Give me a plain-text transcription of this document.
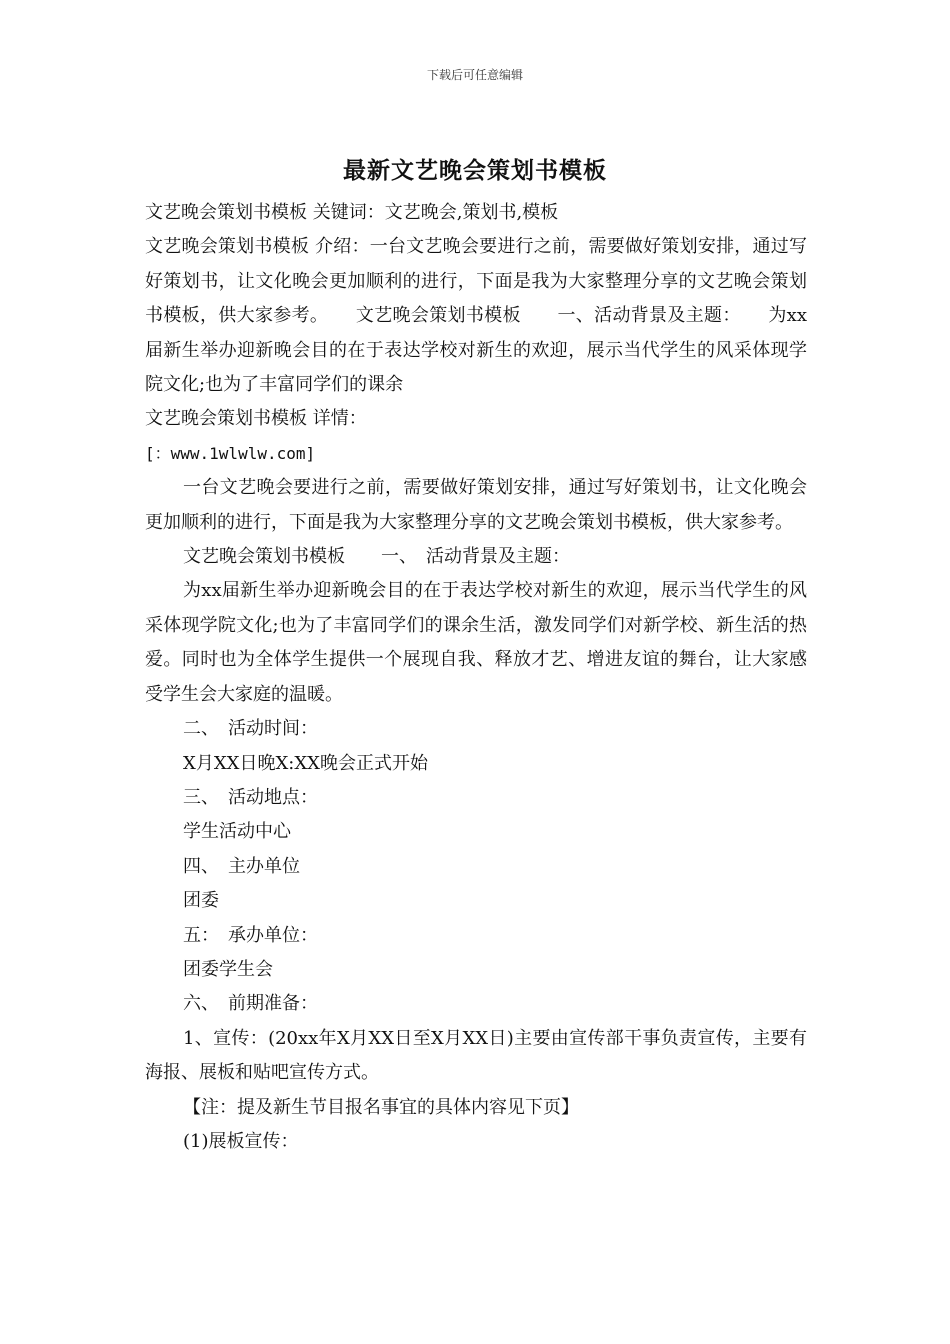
下载后可任意编辑
最新文艺晚会策划书模板

文艺晚会策划书模板 关键词：文艺晚会,策划书,模板

文艺晚会策划书模板 介绍：一台文艺晚会要进行之前，需要做好策划安排，通过写好策划书，让文化晚会更加顺利的进行，下面是我为大家整理分享的文艺晚会策划书模板，供大家参考。　　文艺晚会策划书模板　　一、活动背景及主题：　　为xx届新生举办迎新晚会目的在于表达学校对新生的欢迎，展示当代学生的风采体现学院文化;也为了丰富同学们的课余

文艺晚会策划书模板 详情：

[：www.1wlwlw.com]

一台文艺晚会要进行之前，需要做好策划安排，通过写好策划书，让文化晚会更加顺利的进行，下面是我为大家整理分享的文艺晚会策划书模板，供大家参考。

文艺晚会策划书模板　　一、　活动背景及主题：

为xx届新生举办迎新晚会目的在于表达学校对新生的欢迎，展示当代学生的风采体现学院文化;也为了丰富同学们的课余生活，激发同学们对新学校、新生活的热爱。同时也为全体学生提供一个展现自我、释放才艺、增进友谊的舞台，让大家感受学生会大家庭的温暖。

二、　活动时间：

X月XX日晚X:XX晚会正式开始

三、　活动地点：

学生活动中心

四、　主办单位

团委

五：　承办单位：

团委学生会

六、　前期准备：

1、宣传：(20xx年X月XX日至X月XX日)主要由宣传部干事负责宣传，主要有海报、展板和贴吧宣传方式。

【注：提及新生节目报名事宜的具体内容见下页】

(1)展板宣传：
